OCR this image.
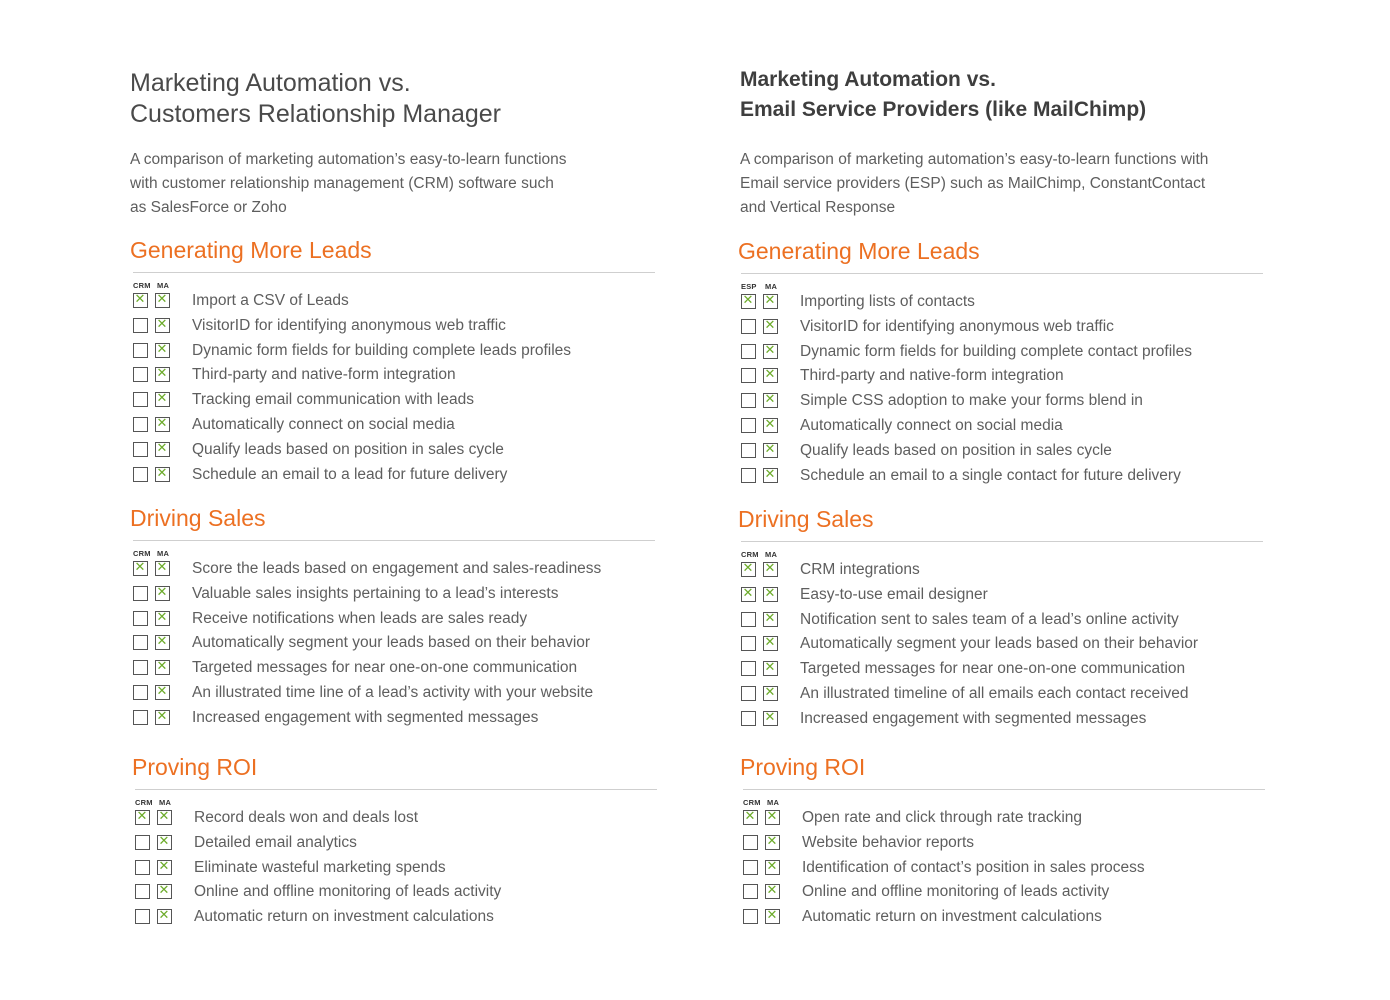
Marketing Automation vs.
Customers Relationship Manager

A comparison of marketing automation’s easy-to-learn functions
with customer relationship management (CRM) software such
as SalesForce or Zoho

Generating More Leads
CRM MA
✕
✕
Import a CSV of Leads
✕
VisitorID for identifying anonymous web traffic
✕
Dynamic form fields for building complete leads profiles
✕
Third-party and native-form integration
✕
Tracking email communication with leads
✕
Automatically connect on social media
✕
Qualify leads based on position in sales cycle
✕
Schedule an email to a lead for future delivery
Driving Sales
CRM MA
✕
✕
Score the leads based on engagement and sales-readiness
✕
Valuable sales insights pertaining to a lead’s interests
✕
Receive notifications when leads are sales ready
✕
Automatically segment your leads based on their behavior
✕
Targeted messages for near one-on-one communication
✕
An illustrated time line of a lead’s activity with your website
✕
Increased engagement with segmented messages
Proving ROI
CRM MA
✕
✕
Record deals won and deals lost
✕
Detailed email analytics
✕
Eliminate wasteful marketing spends
✕
Online and offline monitoring of leads activity
✕
Automatic return on investment calculations
Marketing Automation vs.
Email Service Providers (like MailChimp)

A comparison of marketing automation’s easy-to-learn functions with
Email service providers (ESP) such as MailChimp, ConstantContact
and Vertical Response

Generating More Leads
ESP MA
✕
✕
Importing lists of contacts
✕
VisitorID for identifying anonymous web traffic
✕
Dynamic form fields for building complete contact profiles
✕
Third-party and native-form integration
✕
Simple CSS adoption to make your forms blend in
✕
Automatically connect on social media
✕
Qualify leads based on position in sales cycle
✕
Schedule an email to a single contact for future delivery
Driving Sales
CRM MA
✕
✕
CRM integrations
✕
✕
Easy-to-use email designer
✕
Notification sent to sales team of a lead’s online activity
✕
Automatically segment your leads based on their behavior
✕
Targeted messages for near one-on-one communication
✕
An illustrated timeline of all emails each contact received
✕
Increased engagement with segmented messages
Proving ROI
CRM MA
✕
✕
Open rate and click through rate tracking
✕
Website behavior reports
✕
Identification of contact’s position in sales process
✕
Online and offline monitoring of leads activity
✕
Automatic return on investment calculations
